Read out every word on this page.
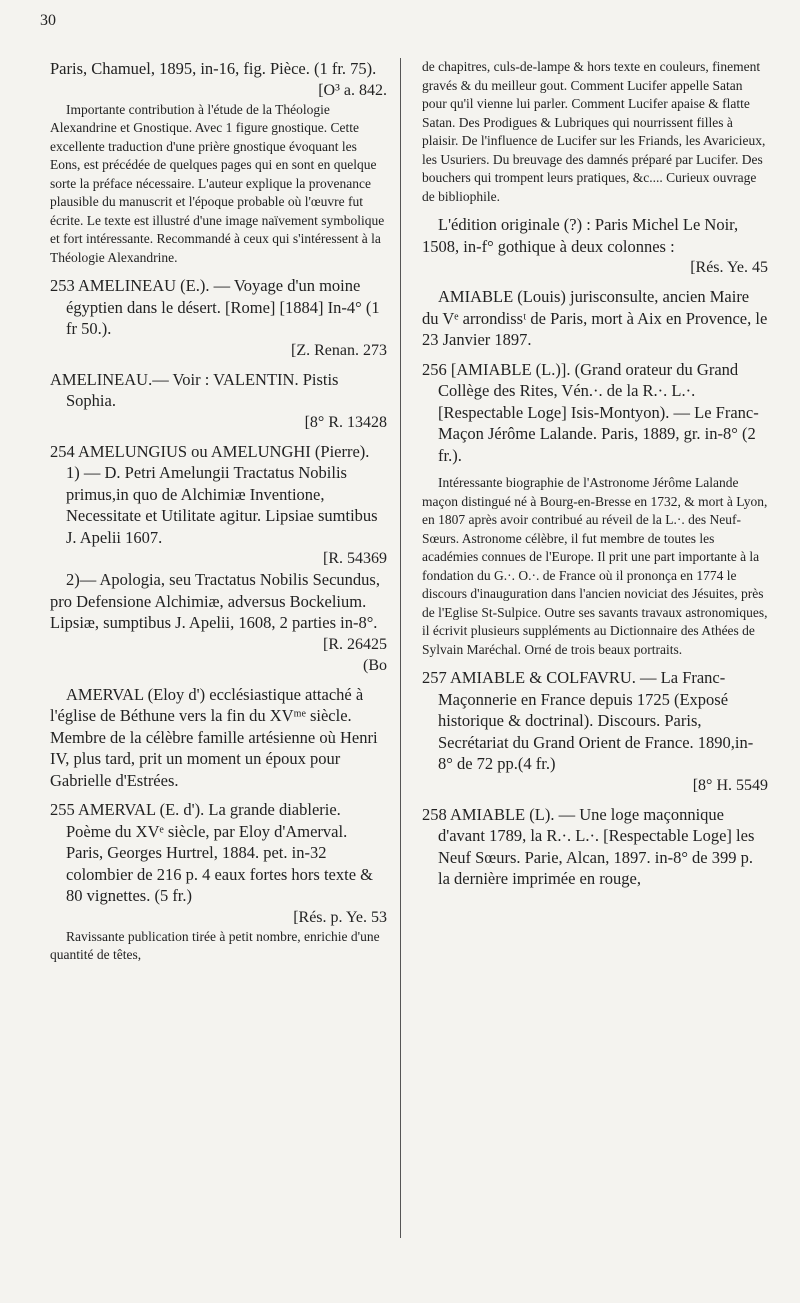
30

Paris, Chamuel, 1895, in-16, fig. Pièce. (1 fr. 75).

[O³ a. 842.

Importante contribution à l'étude de la Théologie Alexandrine et Gnostique. Avec 1 figure gnostique. Cette excellente traduction d'une prière gnostique évoquant les Eons, est précédée de quelques pages qui en sont en quelque sorte la préface nécessaire. L'auteur explique la provenance plausible du manuscrit et l'époque probable où l'œuvre fut écrite. Le texte est illustré d'une image naïvement symbolique et fort intéressante. Recommandé à ceux qui s'intéressent à la Théologie Alexandrine.

253 AMELINEAU (E.). — Voyage d'un moine égyptien dans le désert. [Rome] [1884] In-4° (1 fr 50.).

[Z. Renan. 273

AMELINEAU.— Voir : VALENTIN. Pistis Sophia.

[8° R. 13428

254 AMELUNGIUS ou AMELUNGHI (Pierre). 1) — D. Petri Amelungii Tractatus Nobilis primus,in quo de Alchimiæ Inventione, Necessitate et Utilitate agitur. Lipsiae sumtibus J. Apelii 1607.

[R. 54369

2)— Apologia, seu Tractatus Nobilis Secundus, pro Defensione Alchimiæ, adversus Bockelium. Lipsiæ, sumptibus J. Apelii, 1608, 2 parties in-8°.

[R. 26425

(Bo

AMERVAL (Eloy d') ecclésiastique attaché à l'église de Béthune vers la fin du XVᵐᵉ siècle. Membre de la célèbre famille artésienne où Henri IV, plus tard, prit un moment un époux pour Gabrielle d'Estrées.

255 AMERVAL (E. d'). La grande diablerie. Poème du XVᵉ siècle, par Eloy d'Amerval. Paris, Georges Hurtrel, 1884. pet. in-32 colombier de 216 p. 4 eaux fortes hors texte & 80 vignettes. (5 fr.)

[Rés. p. Ye. 53

Ravissante publication tirée à petit nombre, enrichie d'une quantité de têtes,

de chapitres, culs-de-lampe & hors texte en couleurs, finement gravés & du meilleur gout. Comment Lucifer appelle Satan pour qu'il vienne lui parler. Comment Lucifer apaise & flatte Satan. Des Prodigues & Lubriques qui nourrissent filles à plaisir. De l'influence de Lucifer sur les Friands, les Avaricieux, les Usuriers. Du breuvage des damnés préparé par Lucifer. Des bouchers qui trompent leurs pratiques, &c.... Curieux ouvrage de bibliophile.

L'édition originale (?) : Paris Michel Le Noir, 1508, in-f° gothique à deux colonnes :

[Rés. Ye. 45

AMIABLE (Louis) jurisconsulte, ancien Maire du Vᵉ arrondissᵗ de Paris, mort à Aix en Provence, le 23 Janvier 1897.

256 [AMIABLE (L.)]. (Grand orateur du Grand Collège des Rites, Vén.·. de la R.·. L.·. [Respectable Loge] Isis-Montyon). — Le Franc-Maçon Jérôme Lalande. Paris, 1889, gr. in-8° (2 fr.).

Intéressante biographie de l'Astronome Jérôme Lalande maçon distingué né à Bourg-en-Bresse en 1732, & mort à Lyon, en 1807 après avoir contribué au réveil de la L.·. des Neuf-Sœurs. Astronome célèbre, il fut membre de toutes les académies connues de l'Europe. Il prit une part importante à la fondation du G.·. O.·. de France où il prononça en 1774 le discours d'inauguration dans l'ancien noviciat des Jésuites, près de l'Eglise St-Sulpice. Outre ses savants travaux astronomiques, il écrivit plusieurs suppléments au Dictionnaire des Athées de Sylvain Maréchal. Orné de trois beaux portraits.

257 AMIABLE & COLFAVRU. — La Franc-Maçonnerie en France depuis 1725 (Exposé historique & doctrinal). Discours. Paris, Secrétariat du Grand Orient de France. 1890,in-8° de 72 pp.(4 fr.)

[8° H. 5549

258 AMIABLE (L). — Une loge maçonnique d'avant 1789, la R.·. L.·. [Respectable Loge] les Neuf Sœurs. Parie, Alcan, 1897. in-8° de 399 p. la dernière imprimée en rouge,
